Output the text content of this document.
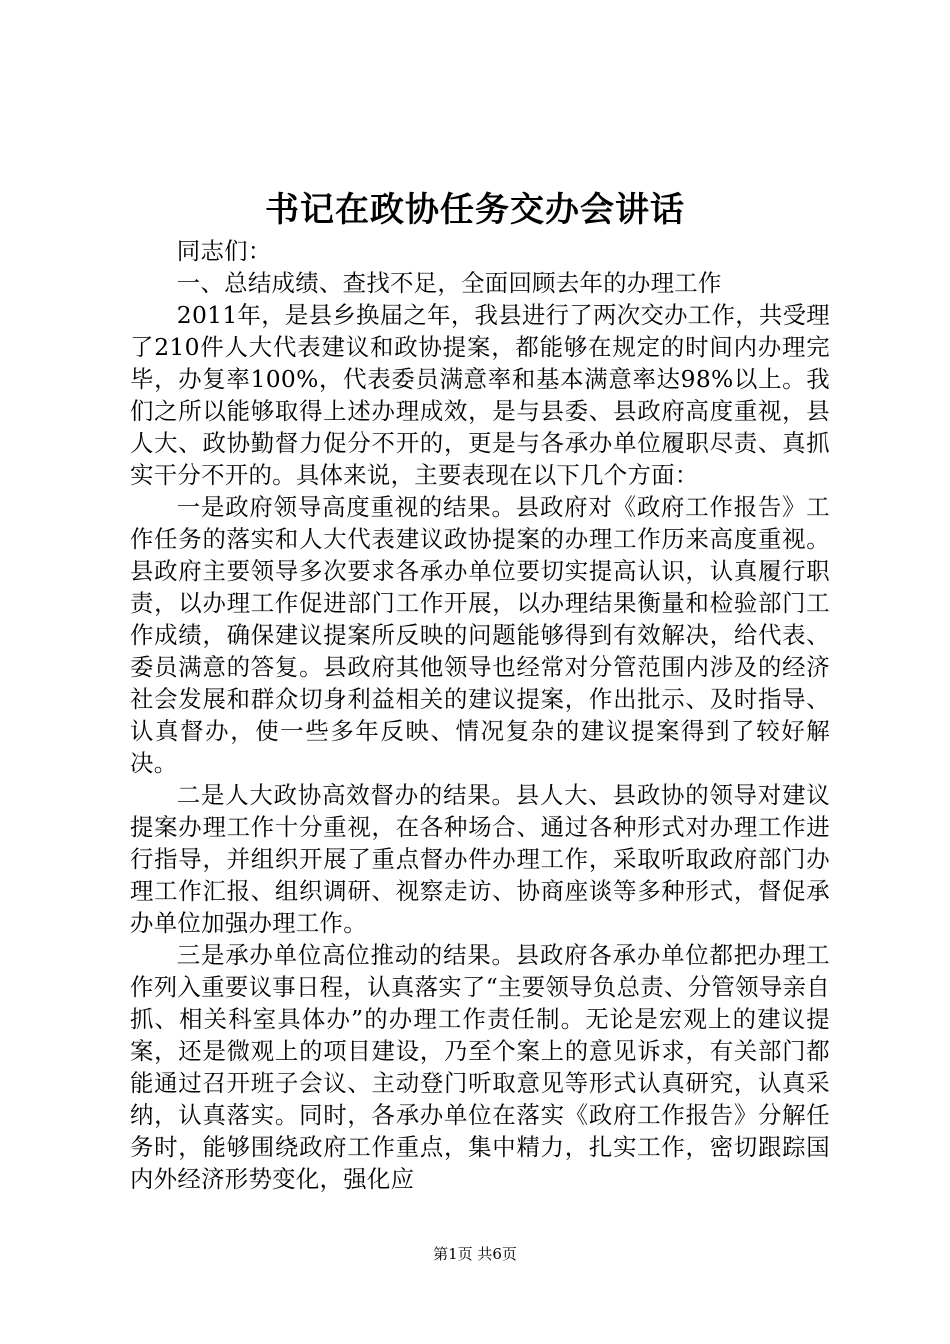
书记在政协任务交办会讲话

同志们：

一、总结成绩、查找不足，全面回顾去年的办理工作

2011年，是县乡换届之年，我县进行了两次交办工作，共受理了210件人大代表建议和政协提案，都能够在规定的时间内办理完毕，办复率100%，代表委员满意率和基本满意率达98%以上。我们之所以能够取得上述办理成效，是与县委、县政府高度重视，县人大、政协勤督力促分不开的，更是与各承办单位履职尽责、真抓实干分不开的。具体来说，主要表现在以下几个方面：

一是政府领导高度重视的结果。县政府对《政府工作报告》工作任务的落实和人大代表建议政协提案的办理工作历来高度重视。县政府主要领导多次要求各承办单位要切实提高认识，认真履行职责，以办理工作促进部门工作开展，以办理结果衡量和检验部门工作成绩，确保建议提案所反映的问题能够得到有效解决，给代表、委员满意的答复。县政府其他领导也经常对分管范围内涉及的经济社会发展和群众切身利益相关的建议提案，作出批示、及时指导、认真督办，使一些多年反映、情况复杂的建议提案得到了较好解决。

二是人大政协高效督办的结果。县人大、县政协的领导对建议提案办理工作十分重视，在各种场合、通过各种形式对办理工作进行指导，并组织开展了重点督办件办理工作，采取听取政府部门办理工作汇报、组织调研、视察走访、协商座谈等多种形式，督促承办单位加强办理工作。

三是承办单位高位推动的结果。县政府各承办单位都把办理工作列入重要议事日程，认真落实了“主要领导负总责、分管领导亲自抓、相关科室具体办”的办理工作责任制。无论是宏观上的建议提案，还是微观上的项目建设，乃至个案上的意见诉求，有关部门都能通过召开班子会议、主动登门听取意见等形式认真研究，认真采纳，认真落实。同时，各承办单位在落实《政府工作报告》分解任务时，能够围绕政府工作重点，集中精力，扎实工作，密切跟踪国内外经济形势变化，强化应

第1页 共6页
